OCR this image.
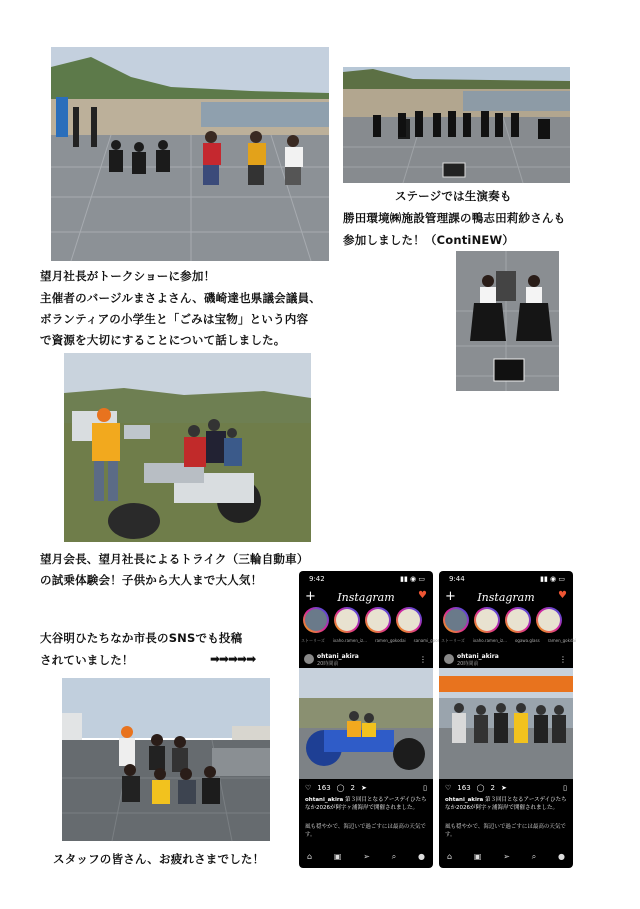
ステージでは生演奏も
勝田環境㈱施設管理課の鴨志田莉紗さんも
参加しました！（ContiNEW）
望月社長がトークショーに参加！
主催者のバージルまさよさん、磯崎達也県議会議員、
ボランティアの小学生と「ごみは宝物」という内容
で資源を大切にすることについて話しました。
望月会長、望月社長によるトライク（三輪自動車）
の試乗体験会！子供から大人まで大人気！
大谷明ひたちなか市長のSNSでも投稿
されていました！	➡➡➡➡➡
スタッフの皆さん、お疲れさまでした！
9:42	▮▮ ◉ ▭
+	Instagram	♥
ストーリーズ ixaho.ramen_iz... ramen_gokodai sanami_gpor
ohtani_akira
20時間前	⋮
♡ 163 ◯ 2 ➤	▯
ohtani_akira 第３回目となるアースデイひたちなか2026が阿字ヶ浦海岸で開催されました。
風も穏やかで、海辺いで過ごすには最高の天気です。
⌂	▣	➢	⌕	●
9:44	▮▮ ◉ ▭
+	Instagram	♥
ストーリーズ ixaho.ramen_iz... ogawa.glass ramen_gokdai
ohtani_akira
20時間前	⋮
♡ 163 ◯ 2 ➤	▯
ohtani_akira 第３回目となるアースデイひたちなか2026が阿字ヶ浦海岸で開催されました。
風も穏やかで、海辺いで過ごすには最高の天気です。
⌂	▣	➢	⌕	●
